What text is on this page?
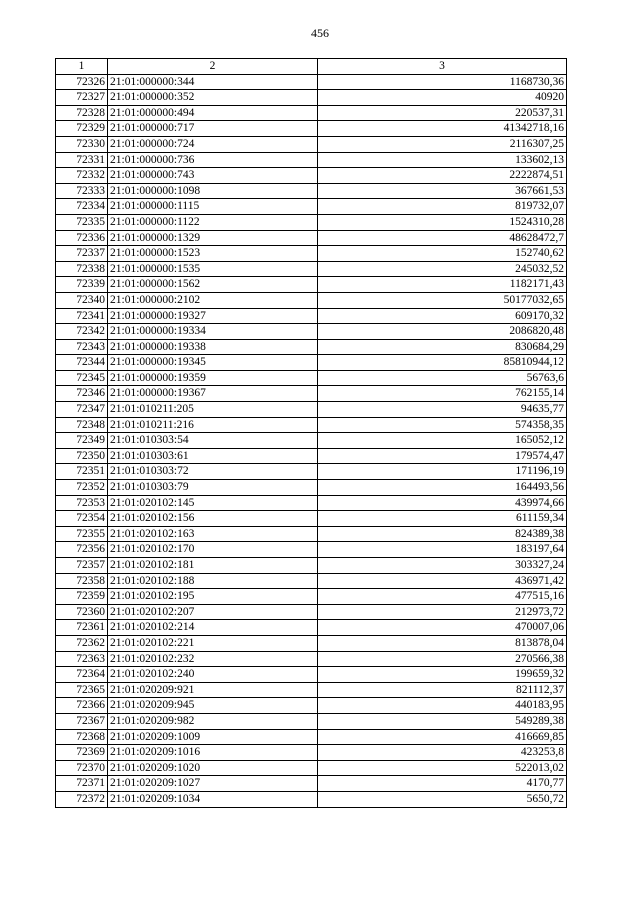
456
1	2	3
72326	21:01:000000:344	1168730,36
72327	21:01:000000:352	40920
72328	21:01:000000:494	220537,31
72329	21:01:000000:717	41342718,16
72330	21:01:000000:724	2116307,25
72331	21:01:000000:736	133602,13
72332	21:01:000000:743	2222874,51
72333	21:01:000000:1098	367661,53
72334	21:01:000000:1115	819732,07
72335	21:01:000000:1122	1524310,28
72336	21:01:000000:1329	48628472,7
72337	21:01:000000:1523	152740,62
72338	21:01:000000:1535	245032,52
72339	21:01:000000:1562	1182171,43
72340	21:01:000000:2102	50177032,65
72341	21:01:000000:19327	609170,32
72342	21:01:000000:19334	2086820,48
72343	21:01:000000:19338	830684,29
72344	21:01:000000:19345	85810944,12
72345	21:01:000000:19359	56763,6
72346	21:01:000000:19367	762155,14
72347	21:01:010211:205	94635,77
72348	21:01:010211:216	574358,35
72349	21:01:010303:54	165052,12
72350	21:01:010303:61	179574,47
72351	21:01:010303:72	171196,19
72352	21:01:010303:79	164493,56
72353	21:01:020102:145	439974,66
72354	21:01:020102:156	611159,34
72355	21:01:020102:163	824389,38
72356	21:01:020102:170	183197,64
72357	21:01:020102:181	303327,24
72358	21:01:020102:188	436971,42
72359	21:01:020102:195	477515,16
72360	21:01:020102:207	212973,72
72361	21:01:020102:214	470007,06
72362	21:01:020102:221	813878,04
72363	21:01:020102:232	270566,38
72364	21:01:020102:240	199659,32
72365	21:01:020209:921	821112,37
72366	21:01:020209:945	440183,95
72367	21:01:020209:982	549289,38
72368	21:01:020209:1009	416669,85
72369	21:01:020209:1016	423253,8
72370	21:01:020209:1020	522013,02
72371	21:01:020209:1027	4170,77
72372	21:01:020209:1034	5650,72
